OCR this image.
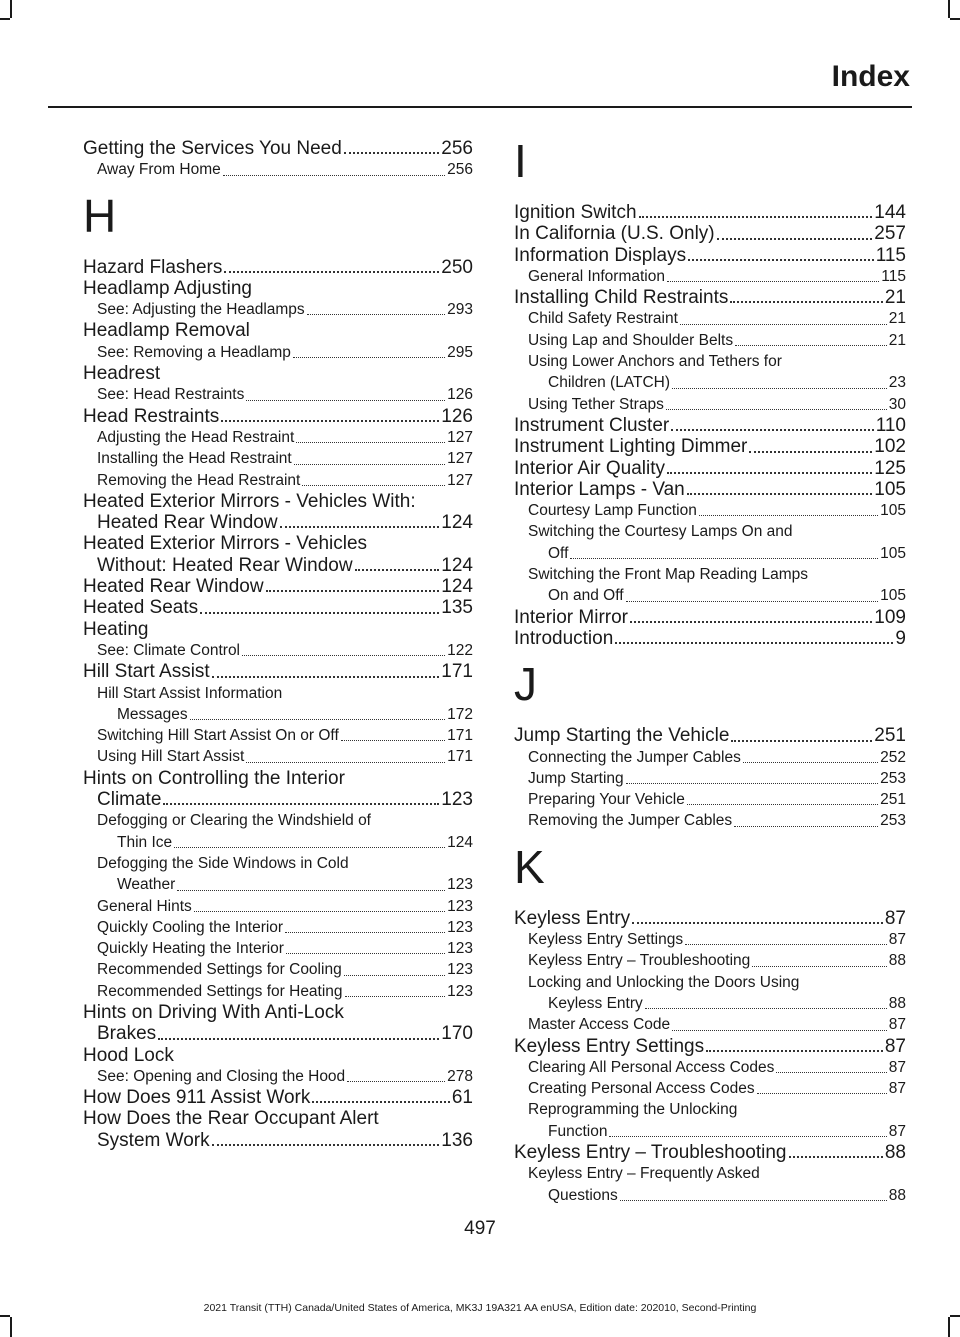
Index
Getting the Services You Need	256
Away From Home	256
H
Hazard Flashers	250
Headlamp Adjusting
See: Adjusting the Headlamps	293
Headlamp Removal
See: Removing a Headlamp	295
Headrest
See: Head Restraints	126
Head Restraints	126
Adjusting the Head Restraint	127
Installing the Head Restraint	127
Removing the Head Restraint	127
Heated Exterior Mirrors - Vehicles With:
Heated Rear Window	124
Heated Exterior Mirrors - Vehicles
Without: Heated Rear Window	124
Heated Rear Window	124
Heated Seats	135
Heating
See: Climate Control	122
Hill Start Assist	171
Hill Start Assist Information
Messages	172
Switching Hill Start Assist On or Off	171
Using Hill Start Assist	171
Hints on Controlling the Interior
Climate	123
Defogging or Clearing the Windshield of
Thin Ice	124
Defogging the Side Windows in Cold
Weather	123
General Hints	123
Quickly Cooling the Interior	123
Quickly Heating the Interior	123
Recommended Settings for Cooling	123
Recommended Settings for Heating	123
Hints on Driving With Anti-Lock
Brakes	170
Hood Lock
See: Opening and Closing the Hood	278
How Does 911 Assist Work	61
How Does the Rear Occupant Alert
System Work	136
I
Ignition Switch	144
In California (U.S. Only)	257
Information Displays	115
General Information	115
Installing Child Restraints	21
Child Safety Restraint	21
Using Lap and Shoulder Belts	21
Using Lower Anchors and Tethers for
Children (LATCH)	23
Using Tether Straps	30
Instrument Cluster	110
Instrument Lighting Dimmer	102
Interior Air Quality	125
Interior Lamps - Van	105
Courtesy Lamp Function	105
Switching the Courtesy Lamps On and
Off	105
Switching the Front Map Reading Lamps
On and Off	105
Interior Mirror	109
Introduction	9
J
Jump Starting the Vehicle	251
Connecting the Jumper Cables	252
Jump Starting	253
Preparing Your Vehicle	251
Removing the Jumper Cables	253
K
Keyless Entry	87
Keyless Entry Settings	87
Keyless Entry – Troubleshooting	88
Locking and Unlocking the Doors Using
Keyless Entry	88
Master Access Code	87
Keyless Entry Settings	87
Clearing All Personal Access Codes	87
Creating Personal Access Codes	87
Reprogramming the Unlocking
Function	87
Keyless Entry – Troubleshooting	88
Keyless Entry – Frequently Asked
Questions	88

497

2021 Transit (TTH) Canada/United States of America, MK3J 19A321 AA enUSA, Edition date: 202010, Second-Printing
